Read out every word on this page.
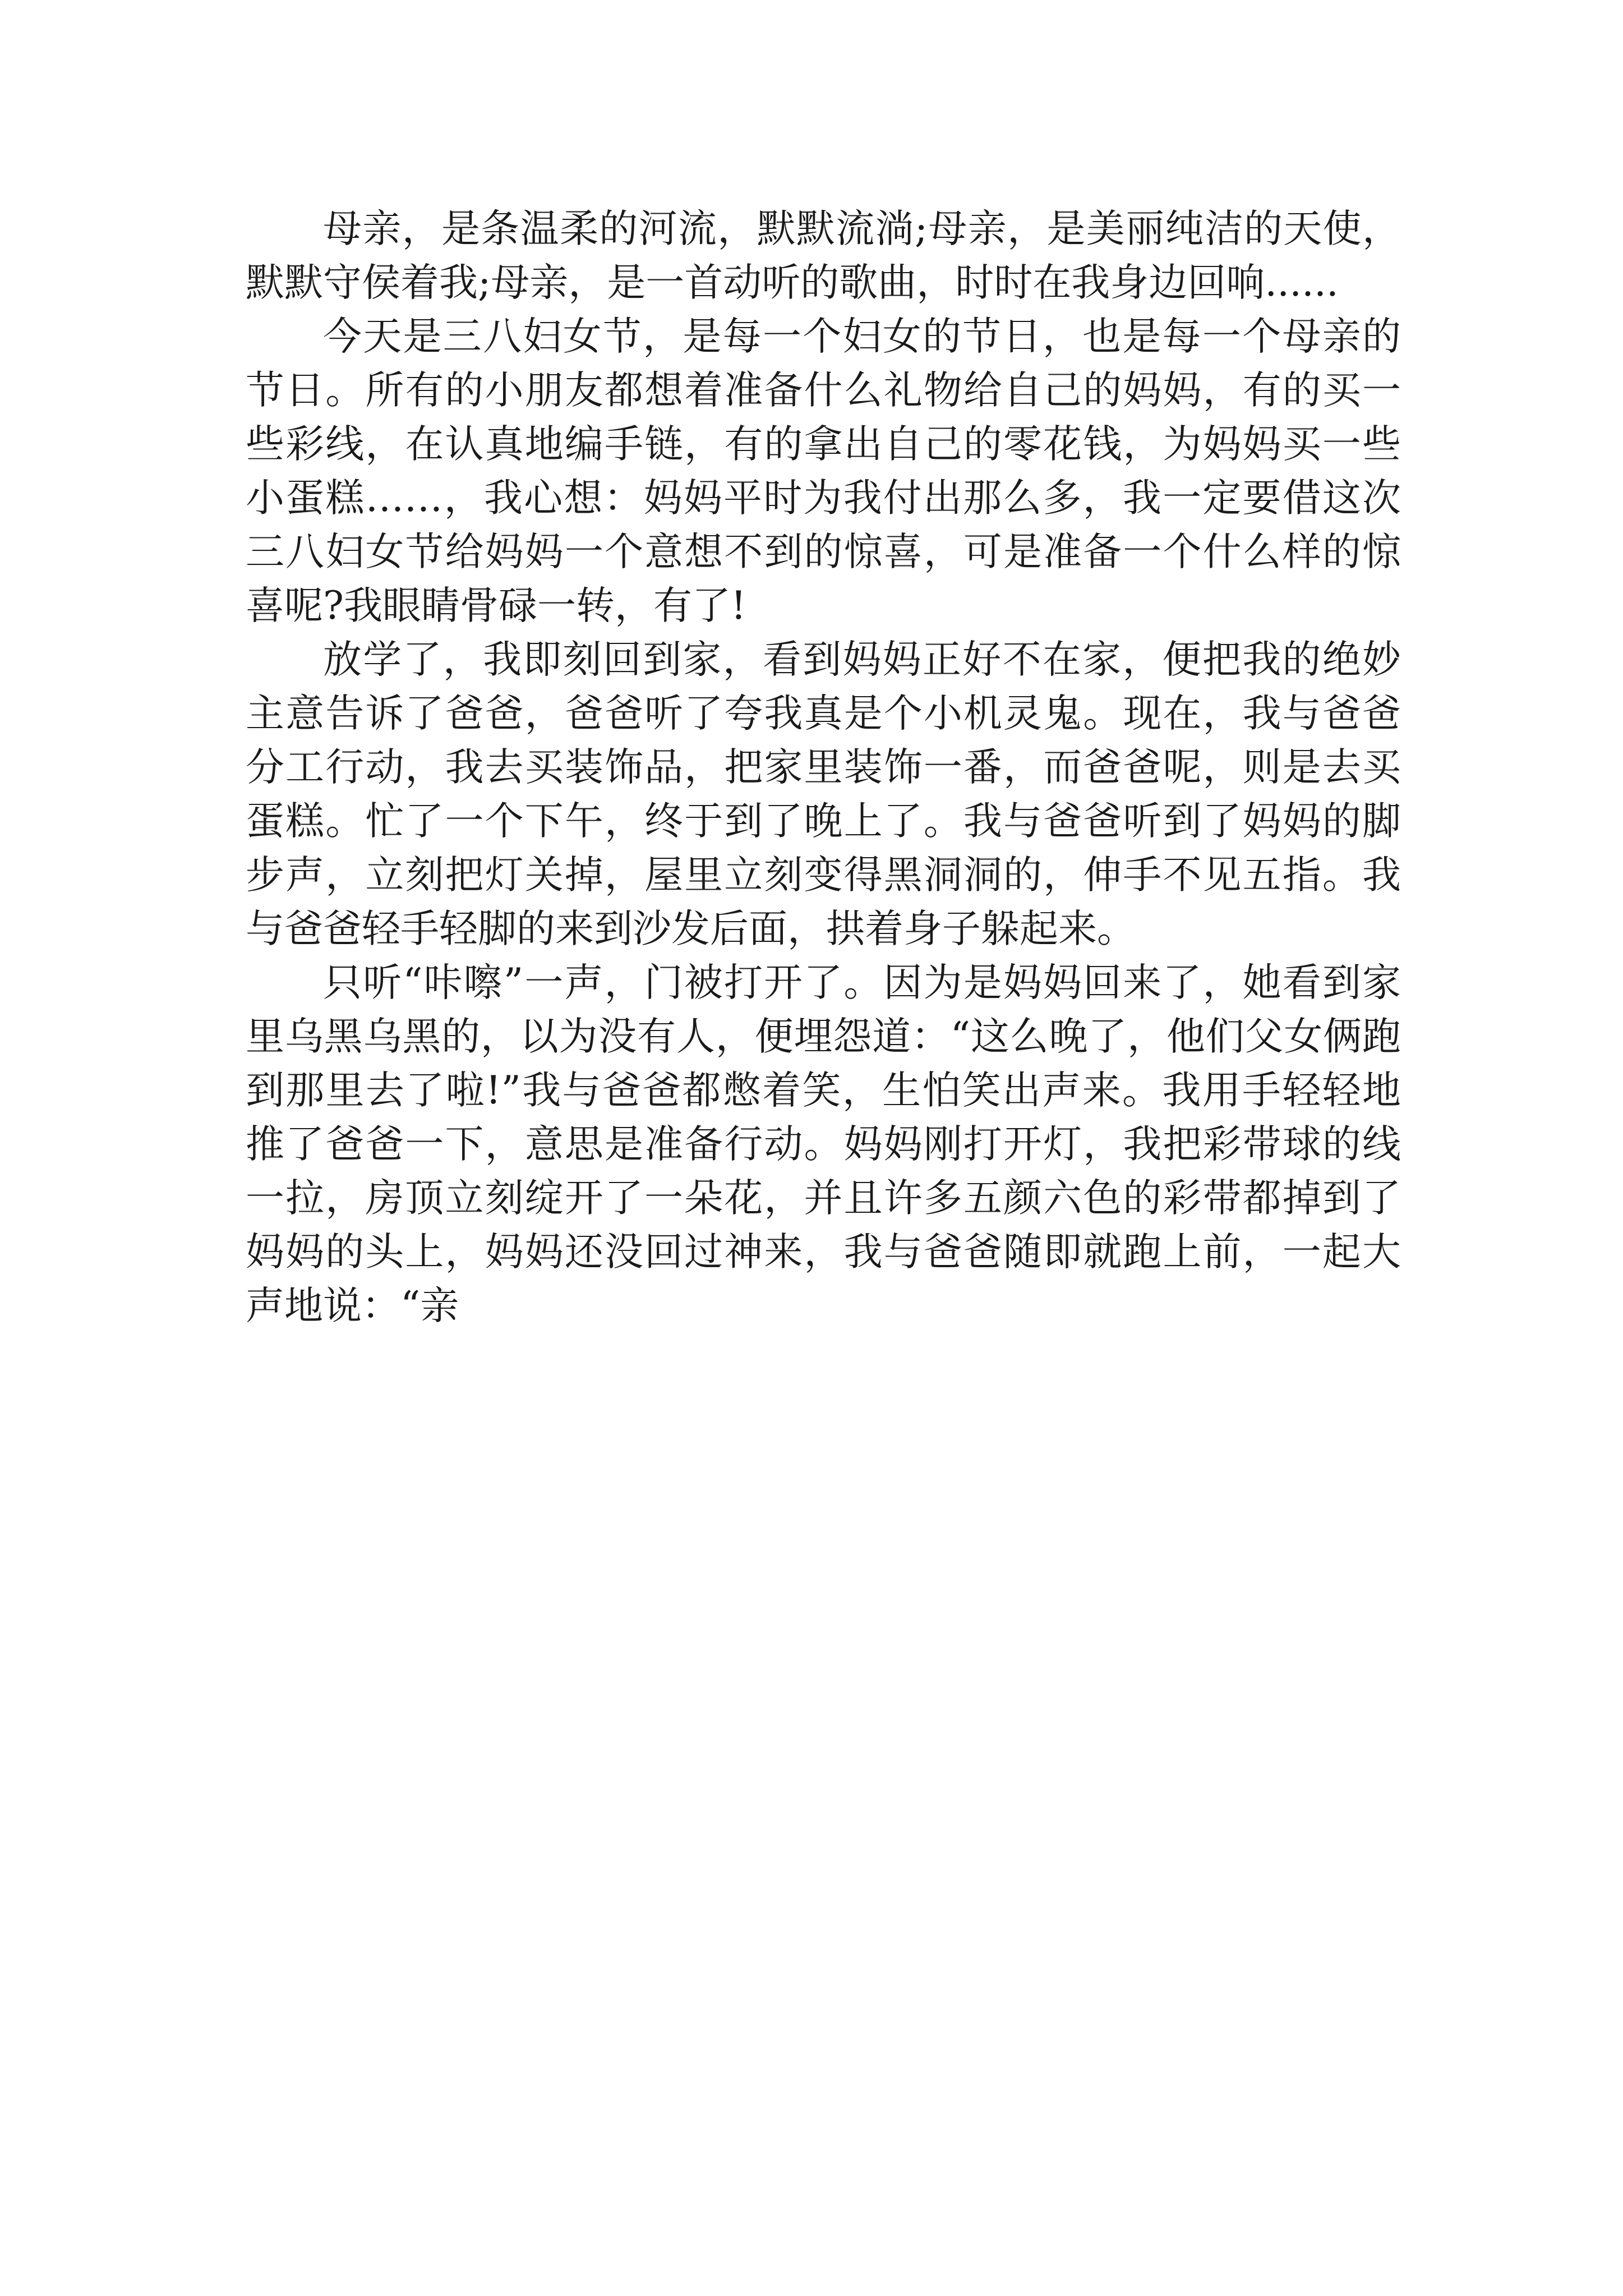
母亲，是条温柔的河流，默默流淌;母亲，是美丽纯洁的天使，默默守侯着我;母亲，是一首动听的歌曲，时时在我身边回响......

今天是三八妇女节，是每一个妇女的节日，也是每一个母亲的节日。所有的小朋友都想着准备什么礼物给自己的妈妈，有的买一些彩线，在认真地编手链，有的拿出自己的零花钱，为妈妈买一些小蛋糕……，我心想：妈妈平时为我付出那么多，我一定要借这次三八妇女节给妈妈一个意想不到的惊喜，可是准备一个什么样的惊喜呢?我眼睛骨碌一转，有了!

放学了，我即刻回到家，看到妈妈正好不在家，便把我的绝妙主意告诉了爸爸，爸爸听了夸我真是个小机灵鬼。现在，我与爸爸分工行动，我去买装饰品，把家里装饰一番，而爸爸呢，则是去买蛋糕。忙了一个下午，终于到了晚上了。我与爸爸听到了妈妈的脚步声，立刻把灯关掉，屋里立刻变得黑洞洞的，伸手不见五指。我与爸爸轻手轻脚的来到沙发后面，拱着身子躲起来。

只听“咔嚓”一声，门被打开了。因为是妈妈回来了，她看到家里乌黑乌黑的，以为没有人，便埋怨道：“这么晚了，他们父女俩跑到那里去了啦!”我与爸爸都憋着笑，生怕笑出声来。我用手轻轻地推了爸爸一下，意思是准备行动。妈妈刚打开灯，我把彩带球的线一拉，房顶立刻绽开了一朵花，并且许多五颜六色的彩带都掉到了妈妈的头上，妈妈还没回过神来，我与爸爸随即就跑上前，一起大声地说：“亲
